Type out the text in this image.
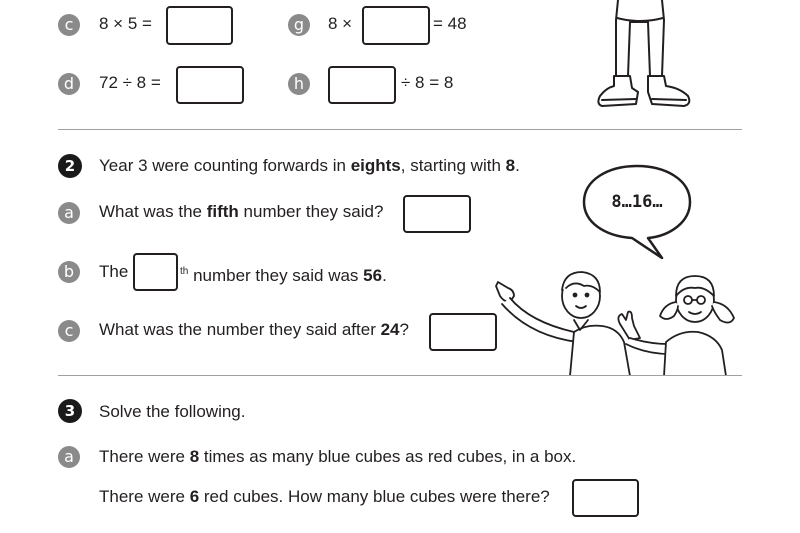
c	8 × 5 =	g	8 ×	= 48
d	72 ÷ 8 =	h	÷ 8 = 8
2	Year 3 were counting forwards in eights, starting with 8.
a	What was the fifth number they said?
b	The	$^{th}$ number they said was 56.
c	What was the number they said after 24?
8…16…
3	Solve the following.
a	There were 8 times as many blue cubes as red cubes, in a box.
There were 6 red cubes. How many blue cubes were there?
